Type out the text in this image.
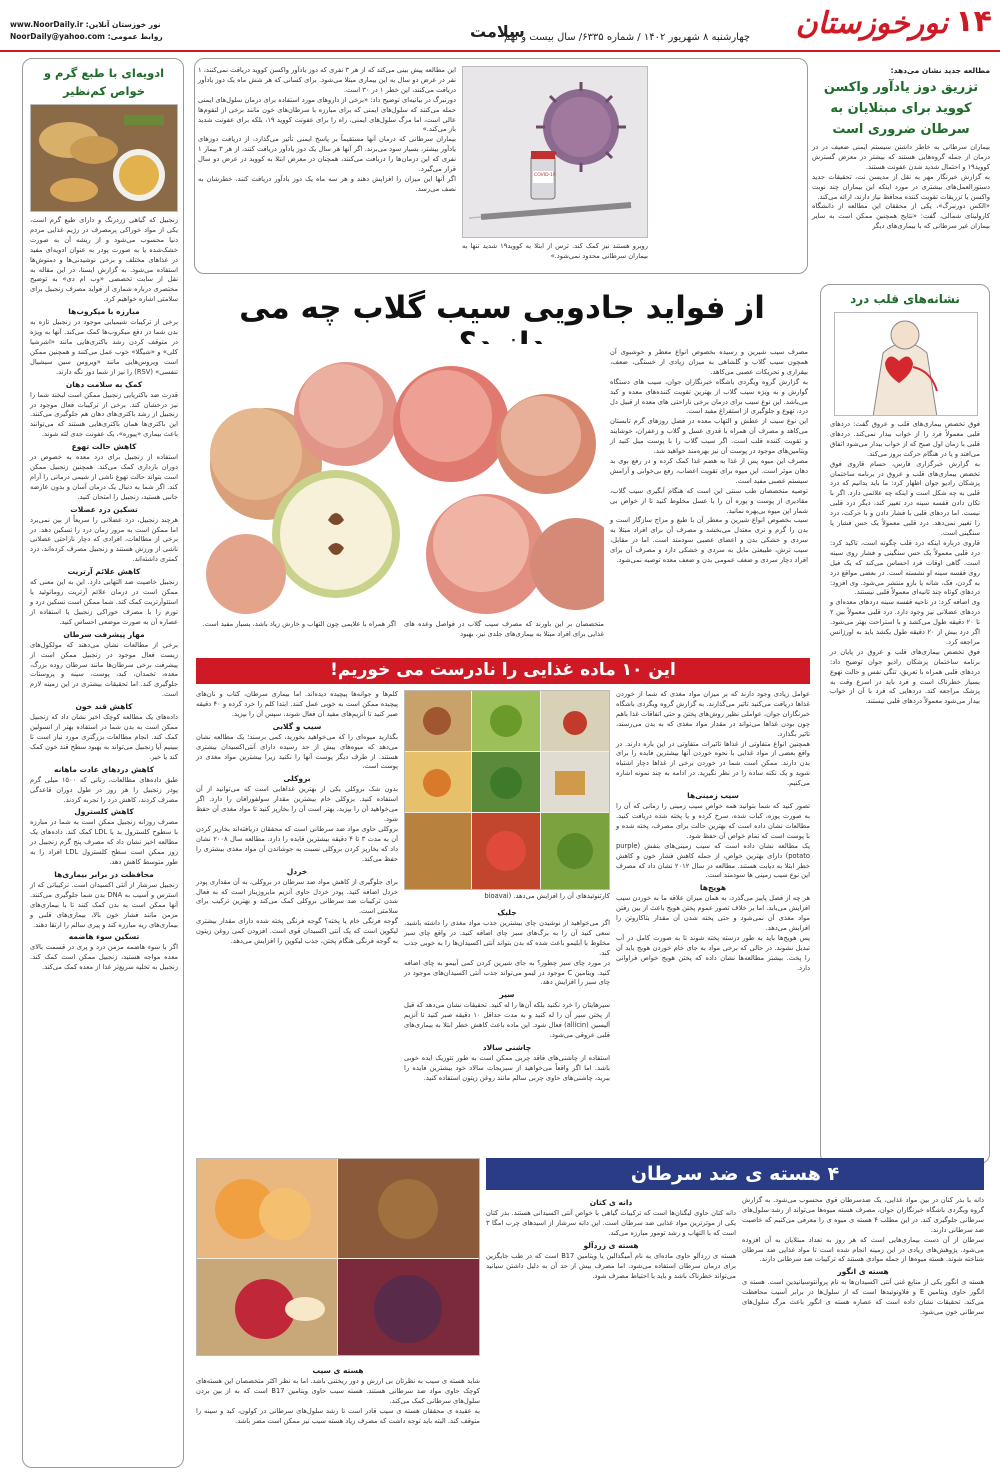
۱۴
نورخوزستان
چهارشنبه ۸ شهریور ۱۴۰۲ / شماره ۶۳۳۵/ سال بیست و نهم
سلامت
نور خوزستان آنلاین: www.NoorDaily.ir
روابط عمومی: NoorDaily@yahoo.com
مطالعه جدید نشان می‌دهد:
تزریق دوز یادآور واکسن کووید برای مبتلایان به سرطان ضروری است

بیماران سرطانی به خاطر داشتن سیستم ایمنی ضعیف در در درمان از جمله گروه‌هایی هستند که بیشتر در معرض گسترش کووید۱۹ و احتمال شدید شدن عفونت هستند.

به گزارش خبرنگار مهر به نقل از مدیسن نت، تحقیقات جدید دستورالعمل‌های بیشتری در مورد اینکه این بیماران چند نوبت واکسن یا تزریقات تقویت کننده محافظ نیاز دارند، ارائه می‌کند.

«الکس دورنبرگ»، یکی از محققان این مطالعه از دانشگاه کارولینای شمالی، گفت: «نتایج همچنین ممکن است به سایر بیماران غیر سرطانی که با بیماری‌های دیگر

COVID-19

روبرو هستند نیز کمک کند. ترس از ابتلا به کووید۱۹ شدید تنها به بیماران سرطانی محدود نمی‌شود.»

این مطالعه پیش بینی می‌کند که از هر ۳ نفری که دوز یادآور واکسن کووید دریافت نمی‌کنند، ۱ نفر در عرض دو سال به این بیماری مبتلا می‌شود. برای کسانی که هر شش ماه یک دوز یادآور دریافت می‌کنند، این خطر ۱ در ۳۰ است.

دورنبرگ در بیانیه‌ای توضیح داد: «برخی از داروهای مورد استفاده برای درمان سلول‌های ایمنی حمله می‌کنند که سلول‌های ایمنی که برای مبارزه با سرطان‌های خون مانند برخی از لنفوم‌ها عالی است، اما مرگ سلول‌های ایمنی، راه را برای عفونت کووید ۱۹، بلکه برای عفونت شدید باز می‌کند.»

بیماران سرطانی که درمان آنها مستقیماً بر پاسخ ایمنی تأثیر می‌گذارد، از دریافت دوزهای یادآور بیشتر، بسیار سود می‌برند. اگر آنها هر سال یک دوز یادآور دریافت کنند، از هر ۳ بیمار ۱ نفری که این درمان‌ها را دریافت می‌کنند، همچنان در معرض ابتلا به کووید در عرض دو سال قرار می‌گیرد.

اگر آنها این میزان را افزایش دهند و هر سه ماه یک دوز یادآور دریافت کنند، خطرشان به نصف می‌رسد.

ادویه‌ای با طبع گرم و خواص کم‌نظیر

زنجبیل که گیاهی زردرنگ و دارای طبع گرم است، یکی از مواد خوراکی پرمصرف در رژیم غذایی مردم دنیا محسوب می‌شود و از ریشه آن به صورت خشک‌شده یا به صورت پودر به عنوان ادویه‌ای مفید در غذاهای مختلف و برخی نوشیدنی‌ها و دمنوش‌ها استفاده می‌شود. به گزارش ایسنا، در این مقاله به نقل از سایت تخصصی «وب ام دی» به توضیح مختصری درباره شماری از فواید مصرف زنجبیل برای سلامتی اشاره خواهیم کرد.

مبارزه با میکروب‌ها

برخی از ترکیبات شیمیایی موجود در زنجبیل تازه به بدن شما در دفع میکروب‌ها کمک می‌کند. آنها به ویژه در متوقف کردن رشد باکتری‌هایی مانند «اشرشیا کلی» و «شیگلا» خوب عمل می‌کنند و همچنین ممکن است ویروس‌هایی مانند «ویروس سین سیشیال تنفسی» (RSV) را نیز از شما دور نگه دارند.

کمک به سلامت دهان

قدرت ضد باکتریایی زنجبیل ممکن است لبخند شما را نیز درخشان کند. برخی از ترکیبات فعال موجود در زنجبیل از رشد باکتری‌های دهان هم جلوگیری می‌کنند. این باکتری‌ها همان باکتری‌هایی هستند که می‌توانند باعث بیماری «پیوره»، یک عفونت جدی لثه شوند.

کاهش حالت تهوع

استفاده از زنجبیل برای درد معده به خصوص در دوران بارداری کمک می‌کند. همچنین زنجبیل ممکن است بتواند حالت تهوع ناشی از شیمی درمانی را آرام کند. اگر شما به دنبال یک درمان آسان و بدون عارضه جانبی هستید، زنجبیل را امتحان کنید.

تسکین درد عضلات

هرچند زنجبیل، درد عضلانی را سریعاً از بین نمی‌برد اما ممکن است به مرور زمان درد را تسکین دهد. در برخی از مطالعات، افرادی که دچار ناراحتی عضلانی ناشی از ورزش هستند و زنجبیل مصرف کرده‌اند، درد کمتری داشته‌اند.

کاهش علائم آرتریت

زنجبیل خاصیت ضد التهابی دارد. این به این معنی که ممکن است در درمان علائم آرتریت روماتوئید یا استئوآرتریت کمک کند. شما ممکن است تسکین درد و تورم را با مصرف خوراکی زنجبیل یا استفاده از عصاره آن به صورت موضعی احساس کنید.

مهار پیشرفت سرطان

برخی از مطالعات نشان می‌دهند که مولکول‌های زیست فعال موجود در زنجبیل ممکن است از پیشرفت برخی سرطان‌ها مانند سرطان روده بزرگ، معده، تخمدان، کبد، پوست، سینه و پروستات جلوگیری کند. اما تحقیقات بیشتری در این زمینه لازم است.

کاهش قند خون

داده‌های یک مطالعه کوچک اخیر نشان داد که زنجبیل ممکن است به بدن شما در استفاده بهتر از انسولین کمک کند. انجام مطالعات بزرگتری مورد نیاز است تا ببینیم آیا زنجبیل می‌تواند به بهبود سطح قند خون کمک کند یا خیر.

کاهش دردهای عادت ماهانه

طبق داده‌های مطالعات، زنانی که ۱۵۰۰ میلی گرم پودر زنجبیل را هر روز در طول دوران قاعدگی مصرف کردند، کاهش درد را تجربه کردند.

کاهش کلسترول

مصرف روزانه زنجبیل ممکن است به شما در مبارزه با سطوح کلسترول بد یا LDL کمک کند. داده‌های یک مطالعه اخیر نشان داد که مصرف پنج گرم زنجبیل در روز ممکن است سطح کلسترول LDL افراد را به طور متوسط کاهش دهد.

محافظت در برابر بیماری‌ها

زنجبیل سرشار از آنتی اکسیدان است. ترکیباتی که از استرس و آسیب به DNA بدن شما جلوگیری می‌کنند. آنها ممکن است به بدن کمک کنند تا با بیماری‌های مزمن مانند فشار خون بالا، بیماری‌های قلبی و بیماری‌های ریه مبارزه کند و پیری سالم را ارتقا دهند.

تسکین سوء هاضمه

اگر با سوء هاضمه مزمن درد و پری در قسمت بالای معده مواجه هستید، زنجبیل ممکن است کمک کند. زنجبیل به تخلیه سریع‌تر غذا از معده کمک می‌کند.

نشانه‌های قلب درد

فوق تخصص بیماری‌های قلب و عروق گفت: دردهای قلبی معمولاً فرد را از خواب بیدار نمی‌کند. دردهای قلبی با زمان اول صبح که از خواب بیدار می‌شود اتفاق می‌افتد و یا در هنگام حرکت بروز می‌کند.

به گزارش خبرگزاری فارس، حسام قاروی فوق تخصص بیماری‌های قلب و عروق در برنامه ساختمان پزشکان رادیو جوان اظهار کرد: ما باید بدانیم که درد قلبی به چه شکل است و اینکه چه علائمی دارد. اگر با تکان دادن قفسه سینه درد تغییر کند، دیگر درد قلبی نیست. اما دردهای قلبی با فشار دادن و با حرکت، درد را تغییر نمی‌دهد. درد قلبی معمولاً یک حس فشار یا سنگینی است.

قاروی درباره اینکه درد قلب چگونه است، تاکید کرد: درد قلبی معمولاً یک حس سنگینی و فشار روی سینه است. گاهی اوقات فرد احساس می‌کند که یک فیل روی قفسه سینه او نشسته است. در بعضی مواقع درد به گردن، فک، شانه یا بازو منتشر می‌شود. وی افزود: دردهای کوتاه چند ثانیه‌ای معمولاً قلبی نیستند.

وی اضافه کرد: در ناحیه قفسه سینه دردهای معده‌ای و دردهای عضلانی نیز وجود دارد. درد قلبی معمولاً بین ۲ تا ۲۰ دقیقه طول می‌کشد و با استراحت بهتر می‌شود. اگر درد بیش از ۲۰ دقیقه طول بکشد باید به اورژانس مراجعه کرد.

فوق تخصص بیماری‌های قلب و عروق در پایان در برنامه ساختمان پزشکان رادیو جوان توضیح داد: دردهای قلبی همراه با تعریق، تنگی نفس و حالت تهوع بسیار خطرناک است و فرد باید در اسرع وقت به پزشک مراجعه کند. دردهایی که فرد با آن از خواب بیدار می‌شود معمولاً دردهای قلبی نیستند.

از فواید جادویی سیب گلاب چه می

مصرف سیب شیرین و رسیده بخصوص انواع معطر و خوشبوی آن همچون سیب گلاب و گلشاهی به میزان زیادی از خستگی، ضعف، بیقراری و تحریکات عصبی می‌کاهد.

به گزارش گروه ویگردی باشگاه خبرنگاران جوان، سیب های دستگاه گوارش و به ویژه سیب گلاب از بهترین تقویت کننده‌های معده و کبد می‌باشد. این نوع سیب برای درمان برخی ناراحتی های معده از قبیل دل درد، تهوع و جلوگیری از استفراغ مفید است.

این نوع سیب از عطش و التهاب معده در فصل روزهای گرم تابستان می‌کاهد و مصرف آن همراه با قدری عسل و گلاب و زعفران، خوشایند و تقویت کننده قلب است. اگر سیب گلاب را با پوست میل کنید از ویتامین‌های موجود در پوست آن نیز بهره‌مند خواهید شد.

مصرف این میوه پس از غذا به هضم غذا کمک کرده و در رفع بوی بد دهان موثر است. این میوه برای تقویت اعصاب، رفع بی‌خوابی و آرامش سیستم عصبی مفید است.

توصیه متخصصان طب سنتی این است که هنگام آبگیری سیب گلاب، مقادیری از پوست و پوره آن را با عسل مخلوط کنید تا از خواص بی شمار این میوه بی‌بهره نمانید.

سیب بخصوص انواع شیرین و معطر آن با طبع و مزاج سازگار است و بدن را گرم و تری معتدل می‌بخشد و مصرف آن برای افراد مبتلا به سردی و خشکی بدن و اعضای عصبی سودمند است. اما در مقابل، سیب ترش، طبیعتی مایل به سردی و خشکی دارد و مصرف آن برای افراد دچار سردی و ضعف عمومی بدن و ضعف معده توصیه نمی‌شود.

متخصصان بر این باورند که مصرف سیب گلاب در فواصل وعده های غذایی برای افراد مبتلا به بیماری‌های جلدی نیز، بهبود

اگر همراه با علایمی چون التهاب و خارش زیاد باشد، بسیار مفید است.

این ۱۰ ماده غذایی را نادرست می خوریم!

عوامل زیادی وجود دارند که بر میزان مواد مغذی که شما از خوردن غذاها دریافت می‌کنید تاثیر می‌گذارند. به گزارش گروه ویگردی باشگاه خبرنگاران جوان، عواملی نظیر روش‌های پختن و حتی اتفاقات غذا باهم چون بودن غذاها می‌تواند در مقدار مواد مغذی که به بدن می‌رسند، تاثیر بگذارد.

همچنین انواع متفاوتی از غذاها تاثیرات متفاوتی در این باره دارند. در واقع بعضی از مواد غذایی با نحوه خوردن آنها بیشترین فایده را برای بدن دارند. ممکن است شما در خوردن برخی از غذاها دچار اشتباه شوید و یک نکته ساده را در نظر نگیرید. در ادامه به چند نمونه اشاره می‌کنیم.

سیب زمینی‌ها

تصور کنید که شما بتوانید همه خواص سیب زمینی را زمانی که آن را به صورت پوره، کباب شده، سرخ کرده و یا پخته شده دریافت کنید. مطالعات نشان داده است که بهترین حالت برای مصرف، پخته شده و با پوست است که تمام خواص آن حفظ شود.

یک مطالعه نشان داده است که سیب زمینی‌های بنفش (purple potato) دارای بهترین خواص، از جمله کاهش فشار خون و کاهش خطر ابتلا به دیابت هستند. مطالعه در سال ۲۰۱۲ نشان داد که مصرف این نوع سیب زمینی ها سودمند است.

هویج‌ها

هر چه از فصل پاییز می‌گذرد، به همان میزان علاقه ما به خوردن سیب افزایش می‌یابد. اما بر خلاف تصور عموم پختن هویج باعث از بین رفتن مواد مغذی آن نمی‌شود و حتی پخته شدن آن مقدار بتاکاروتن را افزایش می‌دهد.

پس هویج‌ها باید به طور درسته پخته شوند تا به صورت کامل در آب تبدیل نشوند. در حالی که برخی مواد به جای خام خوردن هویج باید آن را پخت. بیشتر مطالعه‌ها نشان داده که پختن هویج خواص فراوانی دارد.

کارتنوئیدهای آن را افزایش می‌دهد. (bioavai

جلبک

اگر می‌خواهید از نوشیدن چای بیشترین جذب مواد مغذی را داشته باشید، سعی کنید آن را به برگ‌های سبز چای اضافه کنید. در واقع چای سبز مخلوط با آبلیمو باعث شده که بدن بتواند آنتی اکسیدان‌ها را به خوبی جذب کند.

در مورد چای سبز چطور؟ به جای شیرین کردن کمی آبیمو به چای اضافه کنید. ویتامین C موجود در لیمو می‌تواند جذب آنتی اکسیدان‌های موجود در چای سبز را افزایش دهد.

سیر

سیرهایتان را خرد نکنید بلکه آن‌ها را له کنید. تحقیقات نشان می‌دهد که قبل از پختن سیر آن را له کنید و به مدت حداقل ۱۰ دقیقه صبر کنید تا آنزیم آلیسین (allicin) فعال شود. این ماده باعث کاهش خطر ابتلا به بیماری‌های قلبی عروقی می‌شود.

چاشنی سالاد

استفاده از چاشنی‌های فاقد چربی ممکن است به طور تئوریک ایده خوبی باشد. اما اگر واقعاً می‌خواهید از سبزیجات سالاد خود بیشترین فایده را ببرید، چاشنی‌های حاوی چربی سالم مانند روغن زیتون استفاده کنید.

کلم‌ها و جوانه‌ها پیچیده دیده‌اند. اما بیماری سرطان، کتاب و نان‌های پیچیده ممکن است به خوبی عمل کنند. ابتدا کلم را خرد کرده و ۴۰ دقیقه صبر کنید تا آنزیم‌های مفید آن فعال شوند، سپس آن را بپزید.

سیب و گلابی

بگذارید میوه‌ای را که می‌خواهید بخورید، کمی برسند؛ یک مطالعه نشان می‌دهد که میوه‌های بیش از حد رسیده دارای آنتی‌اکسیدان بیشتری هستند. از طرف دیگر پوست آنها را نکنید زیرا بیشترین مواد مغذی در پوست است.

بروکلی

بدون شک بروکلی یکی از بهترین غذاهایی است که می‌توانید از آن استفاده کنید. بروکلی خام بیشترین مقدار سولفورافان را دارد. اگر می‌خواهید آن را بپزید، بهتر است آن را بخارپز کنید تا مواد مغذی آن حفظ شود.

بروکلی حاوی مواد ضد سرطانی است که محققان دریافته‌اند بخارپز کردن آن به مدت ۳ تا ۴ دقیقه بیشترین فایده را دارد. مطالعه سال ۲۰۰۸ نشان داد که بخارپز کردن بروکلی نسبت به جوشاندن آن مواد مغذی بیشتری را حفظ می‌کند.

خردل

برای جلوگیری از کاهش مواد ضد سرطان در بروکلی، به آن مقداری پودر خردل اضافه کنید. پودر خردل حاوی آنزیم مایروزیناز است که به فعال شدن ترکیبات ضد سرطانی بروکلی کمک می‌کند و بهترین ترکیب برای سلامتی است.

گوجه فرنگی خام یا پخته؟ گوجه فرنگی پخته شده دارای مقدار بیشتری لیکوپن است که یک آنتی اکسیدان قوی است. افزودن کمی روغن زیتون به گوجه فرنگی هنگام پختن، جذب لیکوپن را افزایش می‌دهد.

۴ هسته ی ضد سرطان

دانه یا بذر کتان در بین مواد غذایی، یک ضدسرطان قوی محسوب می‌شود. به گزارش گروه ویگردی باشگاه خبرنگاران جوان، مصرف هسته میوه‌ها می‌تواند از رشد سلول‌های سرطانی جلوگیری کند. در این مطلب ۴ هسته ی میوه ی را معرفی می‌کنیم که خاصیت ضد سرطانی دارند.

سرطان از آن دست بیماری‌هایی است که هر روز به تعداد مبتلایان به آن افزوده می‌شود. پژوهش‌های زیادی در این زمینه انجام شده است تا مواد غذایی ضد سرطان شناخته شوند. هسته میوه‌ها از جمله موادی هستند که ترکیبات ضد سرطانی دارند.

هسته ی انگور

هسته ی انگور یکی از منابع غنی آنتی اکسیدان‌ها به نام پروآنتوسیانیدین است. هسته ی انگور حاوی ویتامین E و فلاونوئیدها است که از سلول‌ها در برابر آسیب محافظت می‌کند. تحقیقات نشان داده است که عصاره هسته ی انگور باعث مرگ سلول‌های سرطانی خون می‌شود.

دانه ی کتان

دانه کتان حاوی لیگنان‌ها است که ترکیبات گیاهی با خواص آنتی اکسیدانی هستند. بذر کتان یکی از موثرترین مواد غذایی ضد سرطان است. این دانه سرشار از اسیدهای چرب امگا ۳ است که با التهاب و رشد تومور مبارزه می‌کند.

هسته ی زردآلو

هسته ی زردآلو حاوی ماده‌ای به نام آمیگدالین یا ویتامین B17 است که در طب جایگزین برای درمان سرطان استفاده می‌شود. اما مصرف بیش از حد آن به دلیل داشتن سیانید می‌تواند خطرناک باشد و باید با احتیاط مصرف شود.

هسته ی سیب

شاید هسته ی سیب به نظرتان بی ارزش و دور ریختنی باشد. اما به نظر اکثر متخصصان این هسته‌های کوچک حاوی مواد ضد سرطانی هستند. هسته سیب حاوی ویتامین B17 است که به از بین بردن سلول‌های سرطانی کمک می‌کند.

به عقیده ی محققان هسته ی سیب قادر است تا رشد سلول‌های سرطانی در کولون، کبد و سینه را متوقف کند. البته باید توجه داشت که مصرف زیاد هسته سیب نیز ممکن است مضر باشد.
